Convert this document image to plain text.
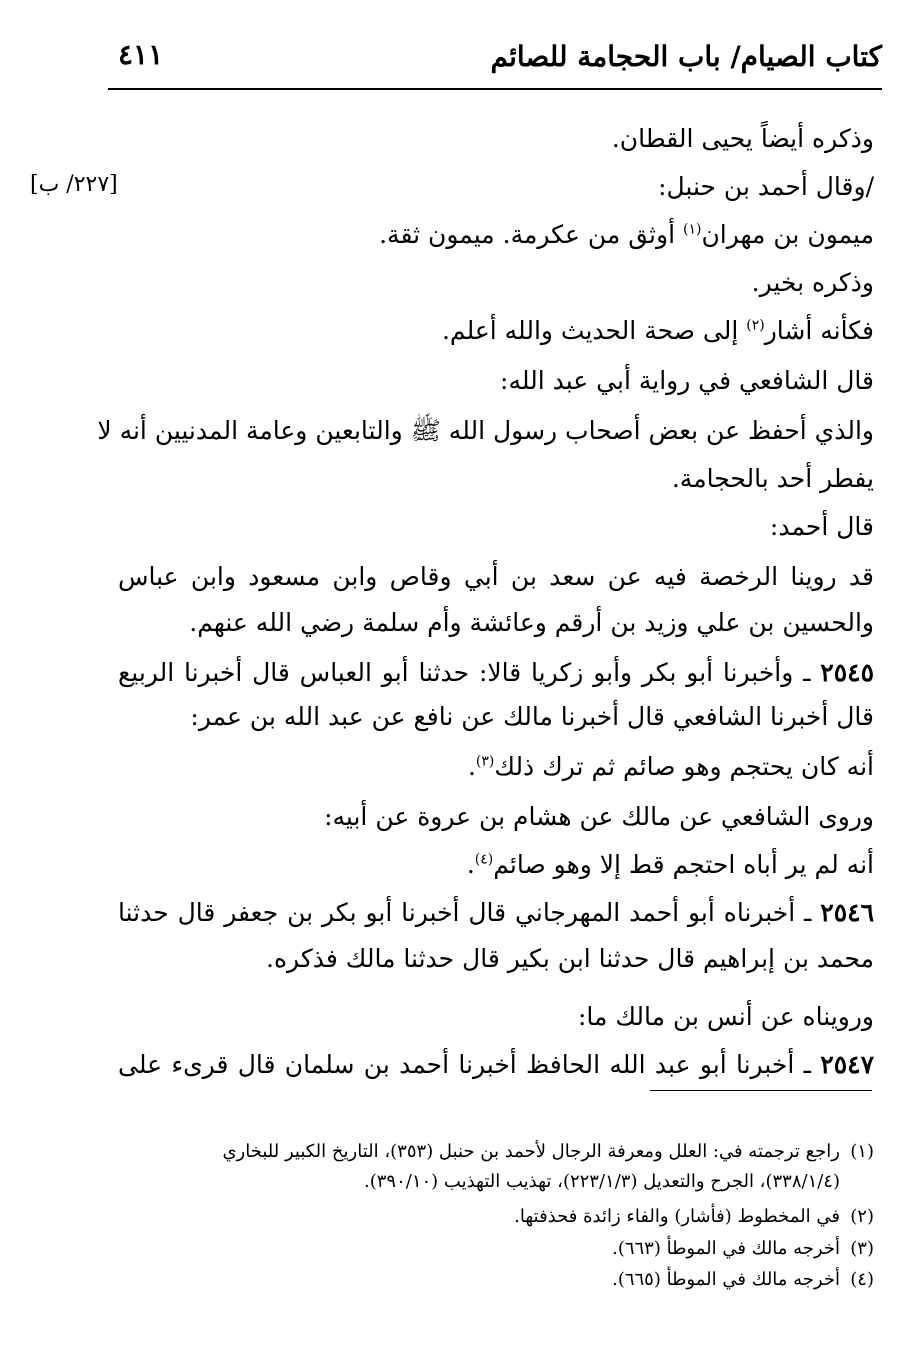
كتاب الصيام/ باب الحجامة للصائم
٤١١
[٢٢٧/ ب]
وذكره أيضاً يحيى القطان.
/وقال أحمد بن حنبل:
ميمون بن مهران$^{(١)}$ أوثق من عكرمة. ميمون ثقة.
وذكره بخير.
فكأنه أشار$^{(٢)}$ إلى صحة الحديث والله أعلم.
قال الشافعي في رواية أبي عبد الله:
والذي أحفظ عن بعض أصحاب رسول الله ﷺ والتابعين وعامة المدنيين أنه لا
يفطر أحد بالحجامة.
قال أحمد:
قد روينا الرخصة فيه عن سعد بن أبي وقاص وابن مسعود وابن عباس
والحسين بن علي وزيد بن أرقم وعائشة وأم سلمة رضي الله عنهم.
٢٥٤٥ ـ وأخبرنا أبو بكر وأبو زكريا قالا: حدثنا أبو العباس قال أخبرنا الربيع
قال أخبرنا الشافعي قال أخبرنا مالك عن نافع عن عبد الله بن عمر:
أنه كان يحتجم وهو صائم ثم ترك ذلك$^{(٣)}$.
وروى الشافعي عن مالك عن هشام بن عروة عن أبيه:
أنه لم ير أباه احتجم قط إلا وهو صائم$^{(٤)}$.
٢٥٤٦ ـ أخبرناه أبو أحمد المهرجاني قال أخبرنا أبو بكر بن جعفر قال حدثنا
محمد بن إبراهيم قال حدثنا ابن بكير قال حدثنا مالك فذكره.
ورويناه عن أنس بن مالك ما:
٢٥٤٧ ـ أخبرنا أبو عبد الله الحافظ أخبرنا أحمد بن سلمان قال قرىء على
(١)راجع ترجمته في: العلل ومعرفة الرجال لأحمد بن حنبل (٣٥٣)، التاريخ الكبير للبخاري
(٣٣٨/١/٤)، الجرح والتعديل (٢٢٣/١/٣)، تهذيب التهذيب (٣٩٠/١٠).
(٢)في المخطوط (فأشار) والفاء زائدة فحذفتها.
(٣)أخرجه مالك في الموطأ (٦٦٣).
(٤)أخرجه مالك في الموطأ (٦٦٥).
